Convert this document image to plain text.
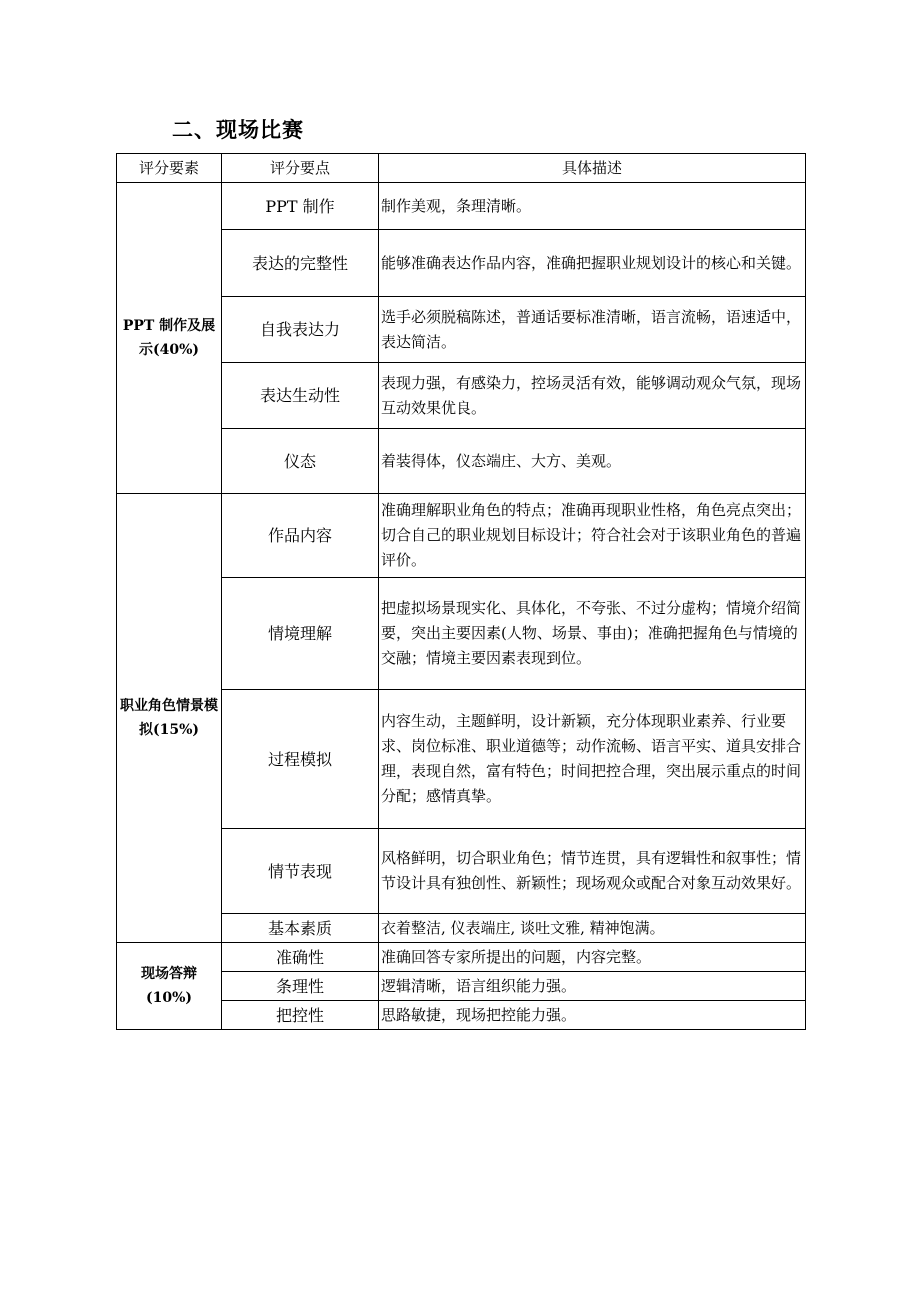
二、现场比赛
评分要素	评分要点	具体描述
PPT 制作及展示(40%)	PPT 制作	制作美观，条理清晰。
	表达的完整性	能够准确表达作品内容，准确把握职业规划设计的核心和关键。
	自我表达力	选手必须脱稿陈述，普通话要标准清晰，语言流畅，语速适中，表达简洁。
	表达生动性	表现力强，有感染力，控场灵活有效，能够调动观众气氛，现场互动效果优良。
	仪态	着装得体，仪态端庄、大方、美观。
职业角色情景模拟(15%)	作品内容	准确理解职业角色的特点；准确再现职业性格，角色亮点突出；切合自己的职业规划目标设计；符合社会对于该职业角色的普遍评价。
	情境理解	把虚拟场景现实化、具体化，不夸张、不过分虚构；情境介绍简要，突出主要因素(人物、场景、事由)；准确把握角色与情境的交融；情境主要因素表现到位。
	过程模拟	内容生动，主题鲜明，设计新颖，充分体现职业素养、行业要求、岗位标准、职业道德等；动作流畅、语言平实、道具安排合理，表现自然，富有特色；时间把控合理，突出展示重点的时间分配；感情真挚。
	情节表现	风格鲜明，切合职业角色；情节连贯，具有逻辑性和叙事性；情节设计具有独创性、新颖性；现场观众或配合对象互动效果好。
	基本素质	衣着整洁, 仪表端庄, 谈吐文雅, 精神饱满。
现场答辩(10%)	准确性	准确回答专家所提出的问题，内容完整。
	条理性	逻辑清晰，语言组织能力强。
	把控性	思路敏捷，现场把控能力强。
